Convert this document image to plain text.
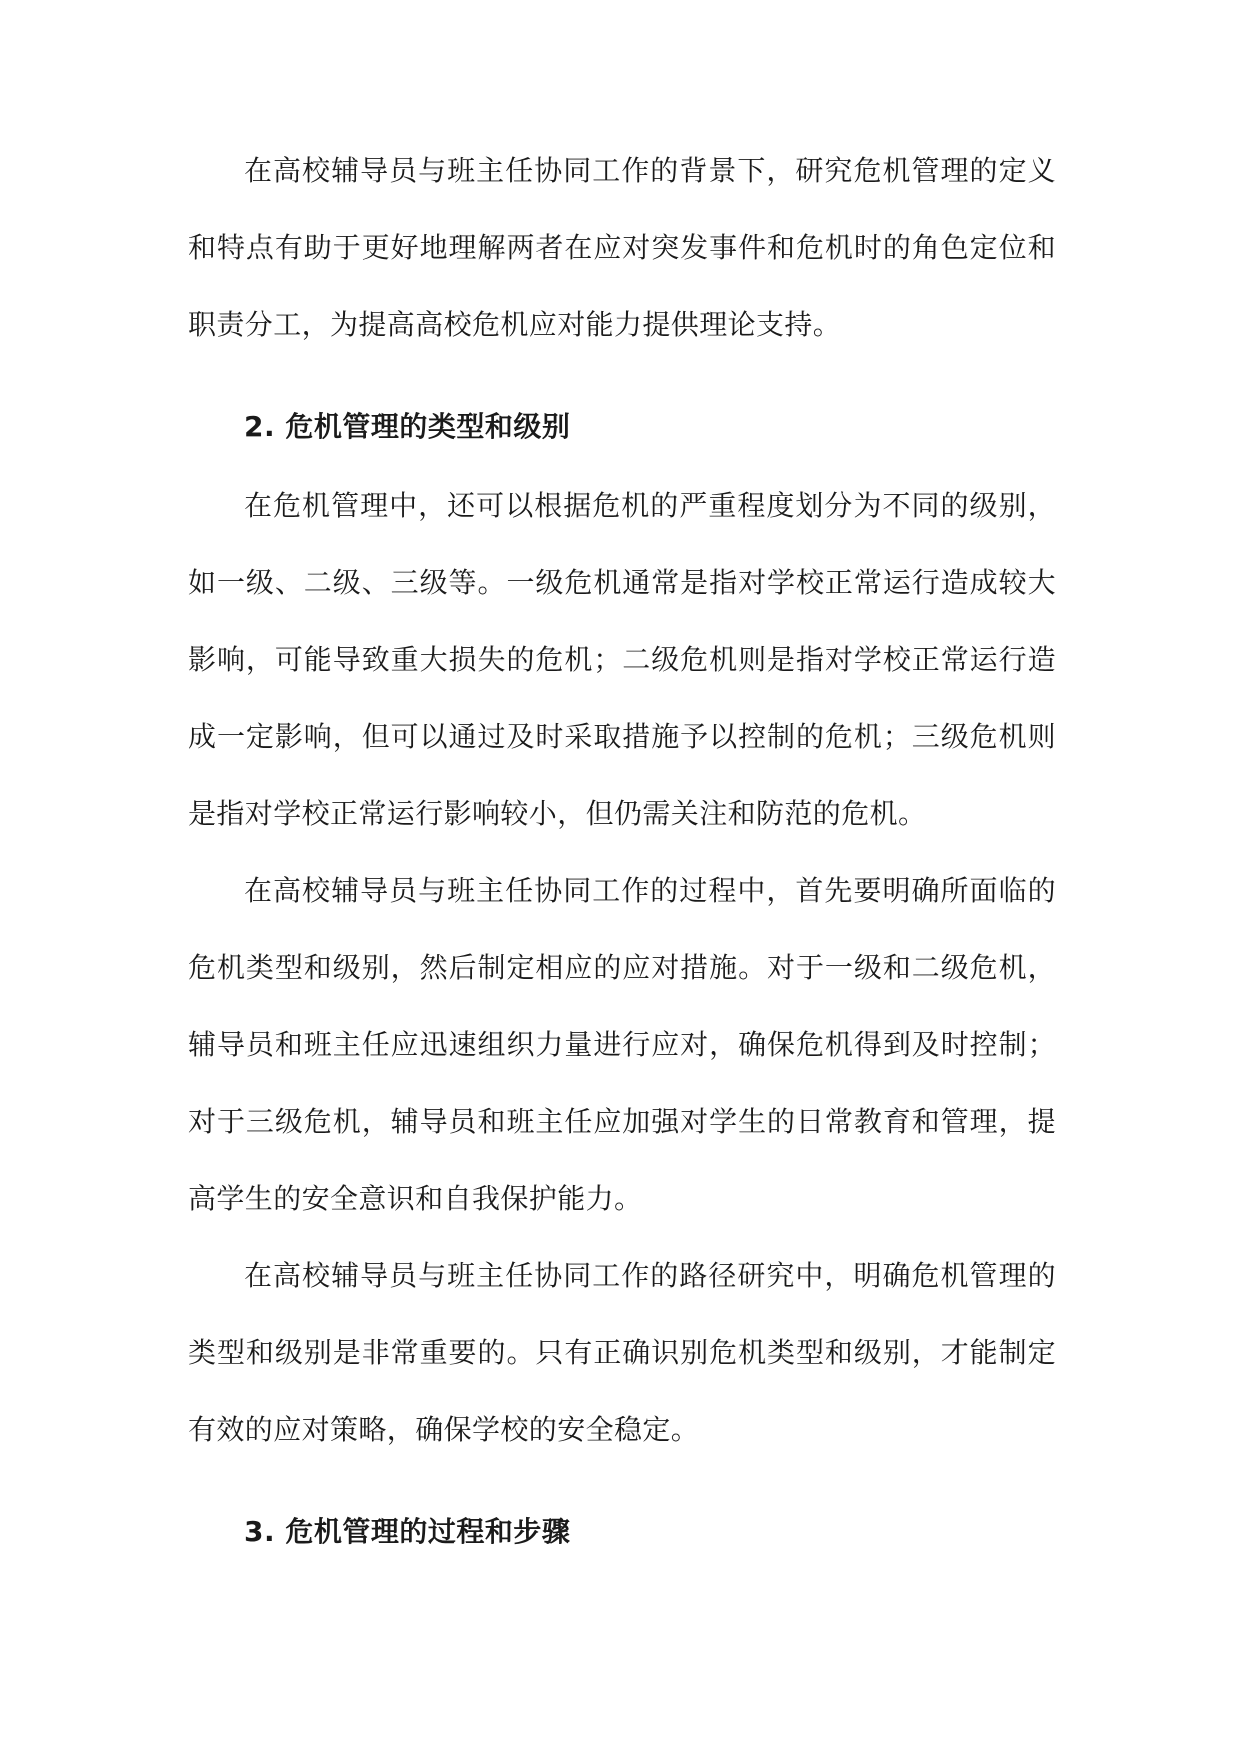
在高校辅导员与班主任协同工作的背景下，研究危机管理的定义和特点有助于更好地理解两者在应对突发事件和危机时的角色定位和职责分工，为提高高校危机应对能力提供理论支持。

2. 危机管理的类型和级别

在危机管理中，还可以根据危机的严重程度划分为不同的级别，如一级、二级、三级等。一级危机通常是指对学校正常运行造成较大影响，可能导致重大损失的危机；二级危机则是指对学校正常运行造成一定影响，但可以通过及时采取措施予以控制的危机；三级危机则是指对学校正常运行影响较小，但仍需关注和防范的危机。

在高校辅导员与班主任协同工作的过程中，首先要明确所面临的危机类型和级别，然后制定相应的应对措施。对于一级和二级危机，辅导员和班主任应迅速组织力量进行应对，确保危机得到及时控制；对于三级危机，辅导员和班主任应加强对学生的日常教育和管理，提高学生的安全意识和自我保护能力。

在高校辅导员与班主任协同工作的路径研究中，明确危机管理的类型和级别是非常重要的。只有正确识别危机类型和级别，才能制定有效的应对策略，确保学校的安全稳定。

3. 危机管理的过程和步骤
